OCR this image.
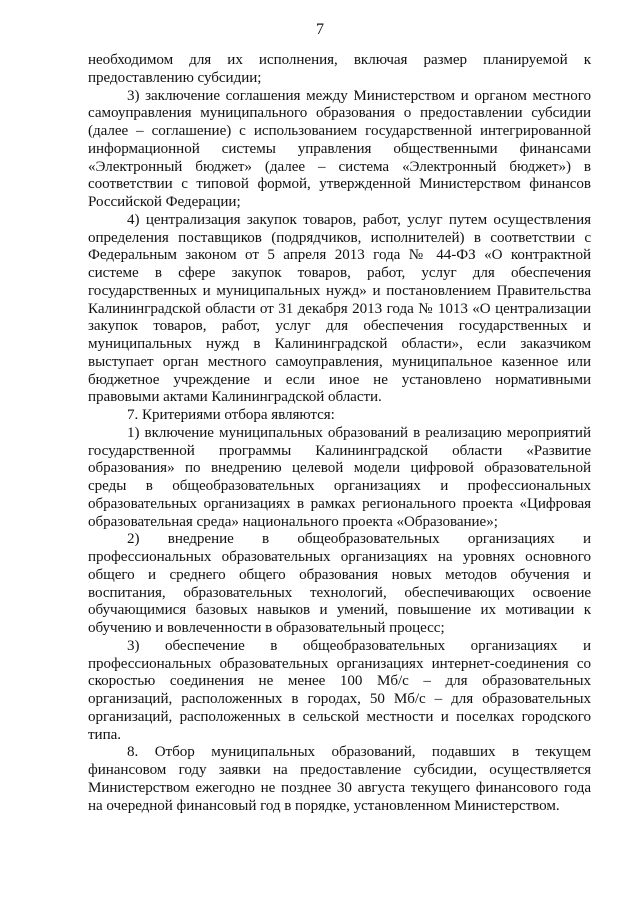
7

необходимом для их исполнения, включая размер планируемой к предоставлению субсидии;

3) заключение соглашения между Министерством и органом местного самоуправления муниципального образования о предоставлении субсидии (далее – соглашение) с использованием государственной интегрированной информационной системы управления общественными финансами «Электронный бюджет» (далее – система «Электронный бюджет») в соответствии с типовой формой, утвержденной Министерством финансов Российской Федерации;

4) централизация закупок товаров, работ, услуг путем осуществления определения поставщиков (подрядчиков, исполнителей) в соответствии с Федеральным законом от 5 апреля 2013 года № 44-ФЗ «О контрактной системе в сфере закупок товаров, работ, услуг для обеспечения государственных и муниципальных нужд» и постановлением Правительства Калининградской области от 31 декабря 2013 года № 1013 «О централизации закупок товаров, работ, услуг для обеспечения государственных и муниципальных нужд в Калининградской области», если заказчиком выступает орган местного самоуправления, муниципальное казенное или бюджетное учреждение и если иное не установлено нормативными правовыми актами Калининградской области.

7. Критериями отбора являются:

1) включение муниципальных образований в реализацию мероприятий государственной программы Калининградской области «Развитие образования» по внедрению целевой модели цифровой образовательной среды в общеобразовательных организациях и профессиональных образовательных организациях в рамках регионального проекта «Цифровая образовательная среда» национального проекта «Образование»;

2) внедрение в общеобразовательных организациях и профессиональных образовательных организациях на уровнях основного общего и среднего общего образования новых методов обучения и воспитания, образовательных технологий, обеспечивающих освоение обучающимися базовых навыков и умений, повышение их мотивации к обучению и вовлеченности в образовательный процесс;

3) обеспечение в общеобразовательных организациях и профессиональных образовательных организациях интернет-соединения со скоростью соединения не менее 100 Мб/с – для образовательных организаций, расположенных в городах, 50 Мб/с – для образовательных организаций, расположенных в сельской местности и поселках городского типа.

8. Отбор муниципальных образований, подавших в текущем финансовом году заявки на предоставление субсидии, осуществляется Министерством ежегодно не позднее 30 августа текущего финансового года на очередной финансовый год в порядке, установленном Министерством.
